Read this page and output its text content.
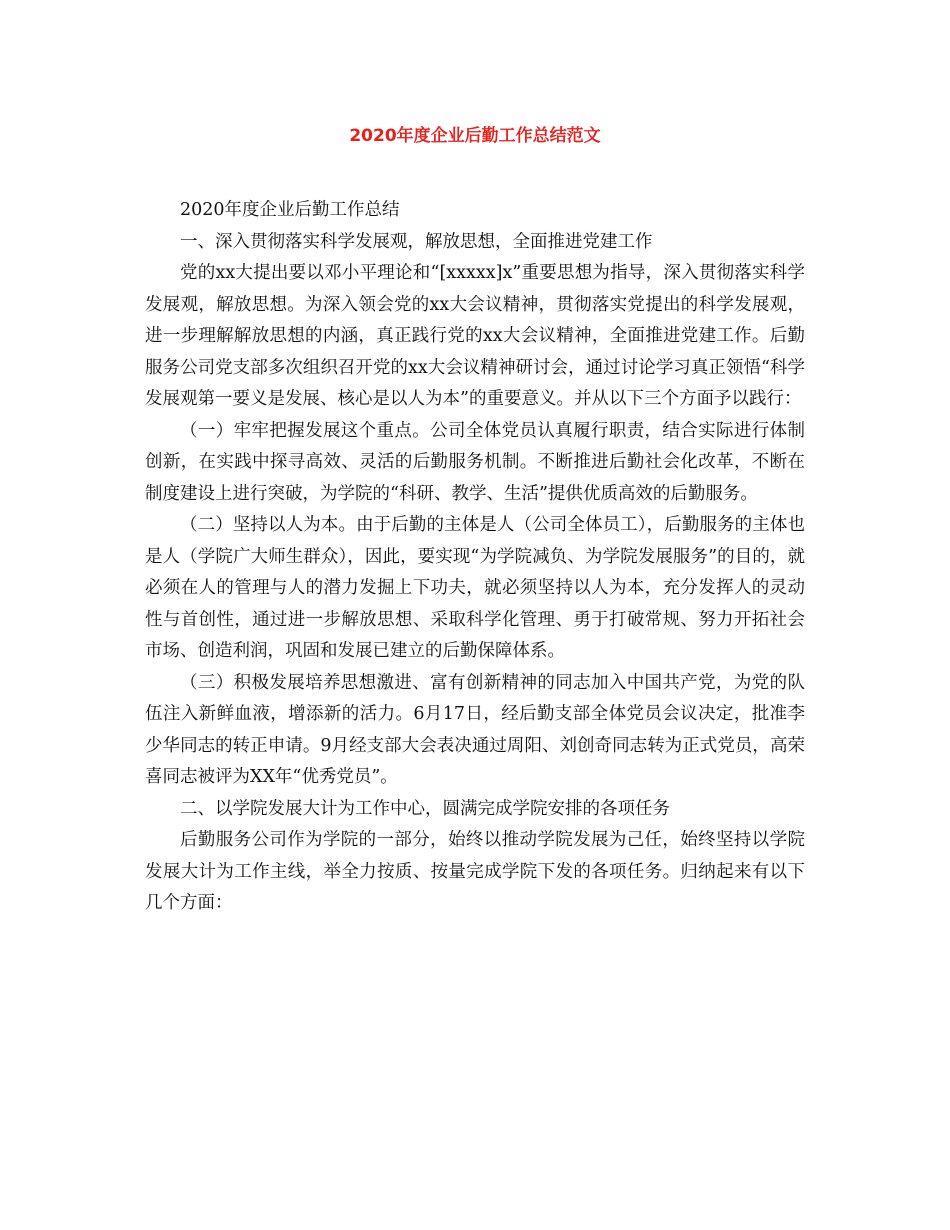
2020年度企业后勤工作总结范文

2020年度企业后勤工作总结

一、深入贯彻落实科学发展观，解放思想，全面推进党建工作

党的xx大提出要以邓小平理论和“[xxxxx]x”重要思想为指导，深入贯彻落实科学发展观，解放思想。为深入领会党的xx大会议精神，贯彻落实党提出的科学发展观，进一步理解解放思想的内涵，真正践行党的xx大会议精神，全面推进党建工作。后勤服务公司党支部多次组织召开党的xx大会议精神研讨会，通过讨论学习真正领悟“科学发展观第一要义是发展、核心是以人为本”的重要意义。并从以下三个方面予以践行：

（一）牢牢把握发展这个重点。公司全体党员认真履行职责，结合实际进行体制创新，在实践中探寻高效、灵活的后勤服务机制。不断推进后勤社会化改革，不断在制度建设上进行突破，为学院的“科研、教学、生活”提供优质高效的后勤服务。

（二）坚持以人为本。由于后勤的主体是人（公司全体员工），后勤服务的主体也是人（学院广大师生群众），因此，要实现“为学院减负、为学院发展服务”的目的，就必须在人的管理与人的潜力发掘上下功夫，就必须坚持以人为本，充分发挥人的灵动性与首创性，通过进一步解放思想、采取科学化管理、勇于打破常规、努力开拓社会市场、创造利润，巩固和发展已建立的后勤保障体系。

（三）积极发展培养思想激进、富有创新精神的同志加入中国共产党，为党的队伍注入新鲜血液，增添新的活力。6月17日，经后勤支部全体党员会议决定，批准李少华同志的转正申请。9月经支部大会表决通过周阳、刘创奇同志转为正式党员，高荣喜同志被评为XX年“优秀党员”。

二、以学院发展大计为工作中心，圆满完成学院安排的各项任务

后勤服务公司作为学院的一部分，始终以推动学院发展为己任，始终坚持以学院发展大计为工作主线，举全力按质、按量完成学院下发的各项任务。归纳起来有以下几个方面：
